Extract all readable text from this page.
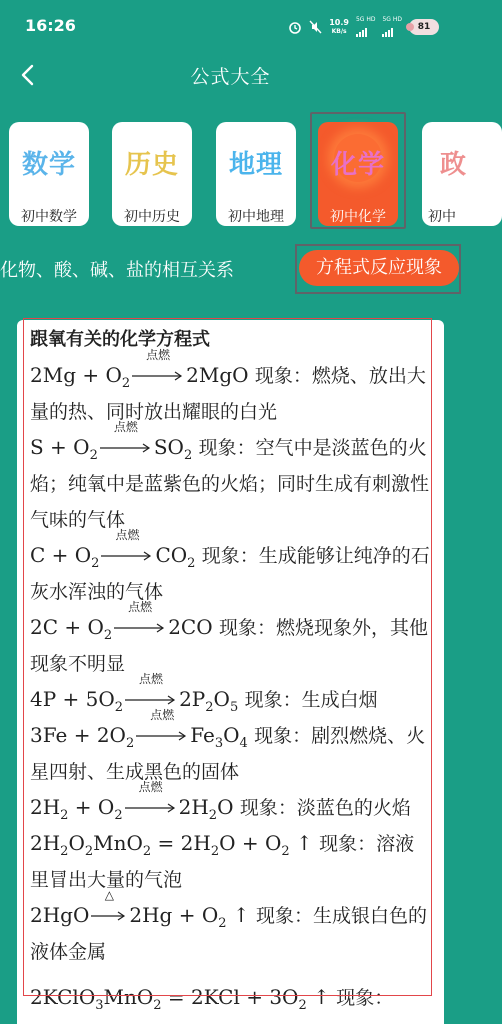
16:26	10.9
KB/s
5G HD 5G HD
81
公式大全
数学
初中数学
历史
初中历史
地理
初中地理
化学
初中化学
政
初中
化物、酸、碱、盐的相互关系	方程式反应现象
跟氧有关的化学方程式
$2Mg + O_2$
点燃
2MgO 现象：燃烧、放出大量的热、同时放出耀眼的白光
$S + O_2$
点燃
$SO_2$ 现象：空气中是淡蓝色的火焰；纯氧中是蓝紫色的火焰；同时生成有刺激性气味的气体
$C + O_2$
点燃
$CO_2$ 现象：生成能够让纯净的石灰水浑浊的气体
$2C + O_2$
点燃
2CO 现象：燃烧现象外，其他现象不明显
$4P + 5O_2$
点燃
$2P_2O_5$ 现象：生成白烟
$3Fe + 2O_2$
点燃
$Fe_3O_4$ 现象：剧烈燃烧、火星四射、生成黑色的固体
$2H_2 + O_2$
点燃
$2H_2O$ 现象：淡蓝色的火焰
$2H_2O_2MnO_2 = 2H_2O + O_2$ ↑ 现象：溶液里冒出大量的气泡
2HgO
△
$2Hg + O_2$ ↑ 现象：生成银白色的液体金属
2KClO$_3$MnO$_2$ = $2KCl + 3O_2$ ↑ 现象：
